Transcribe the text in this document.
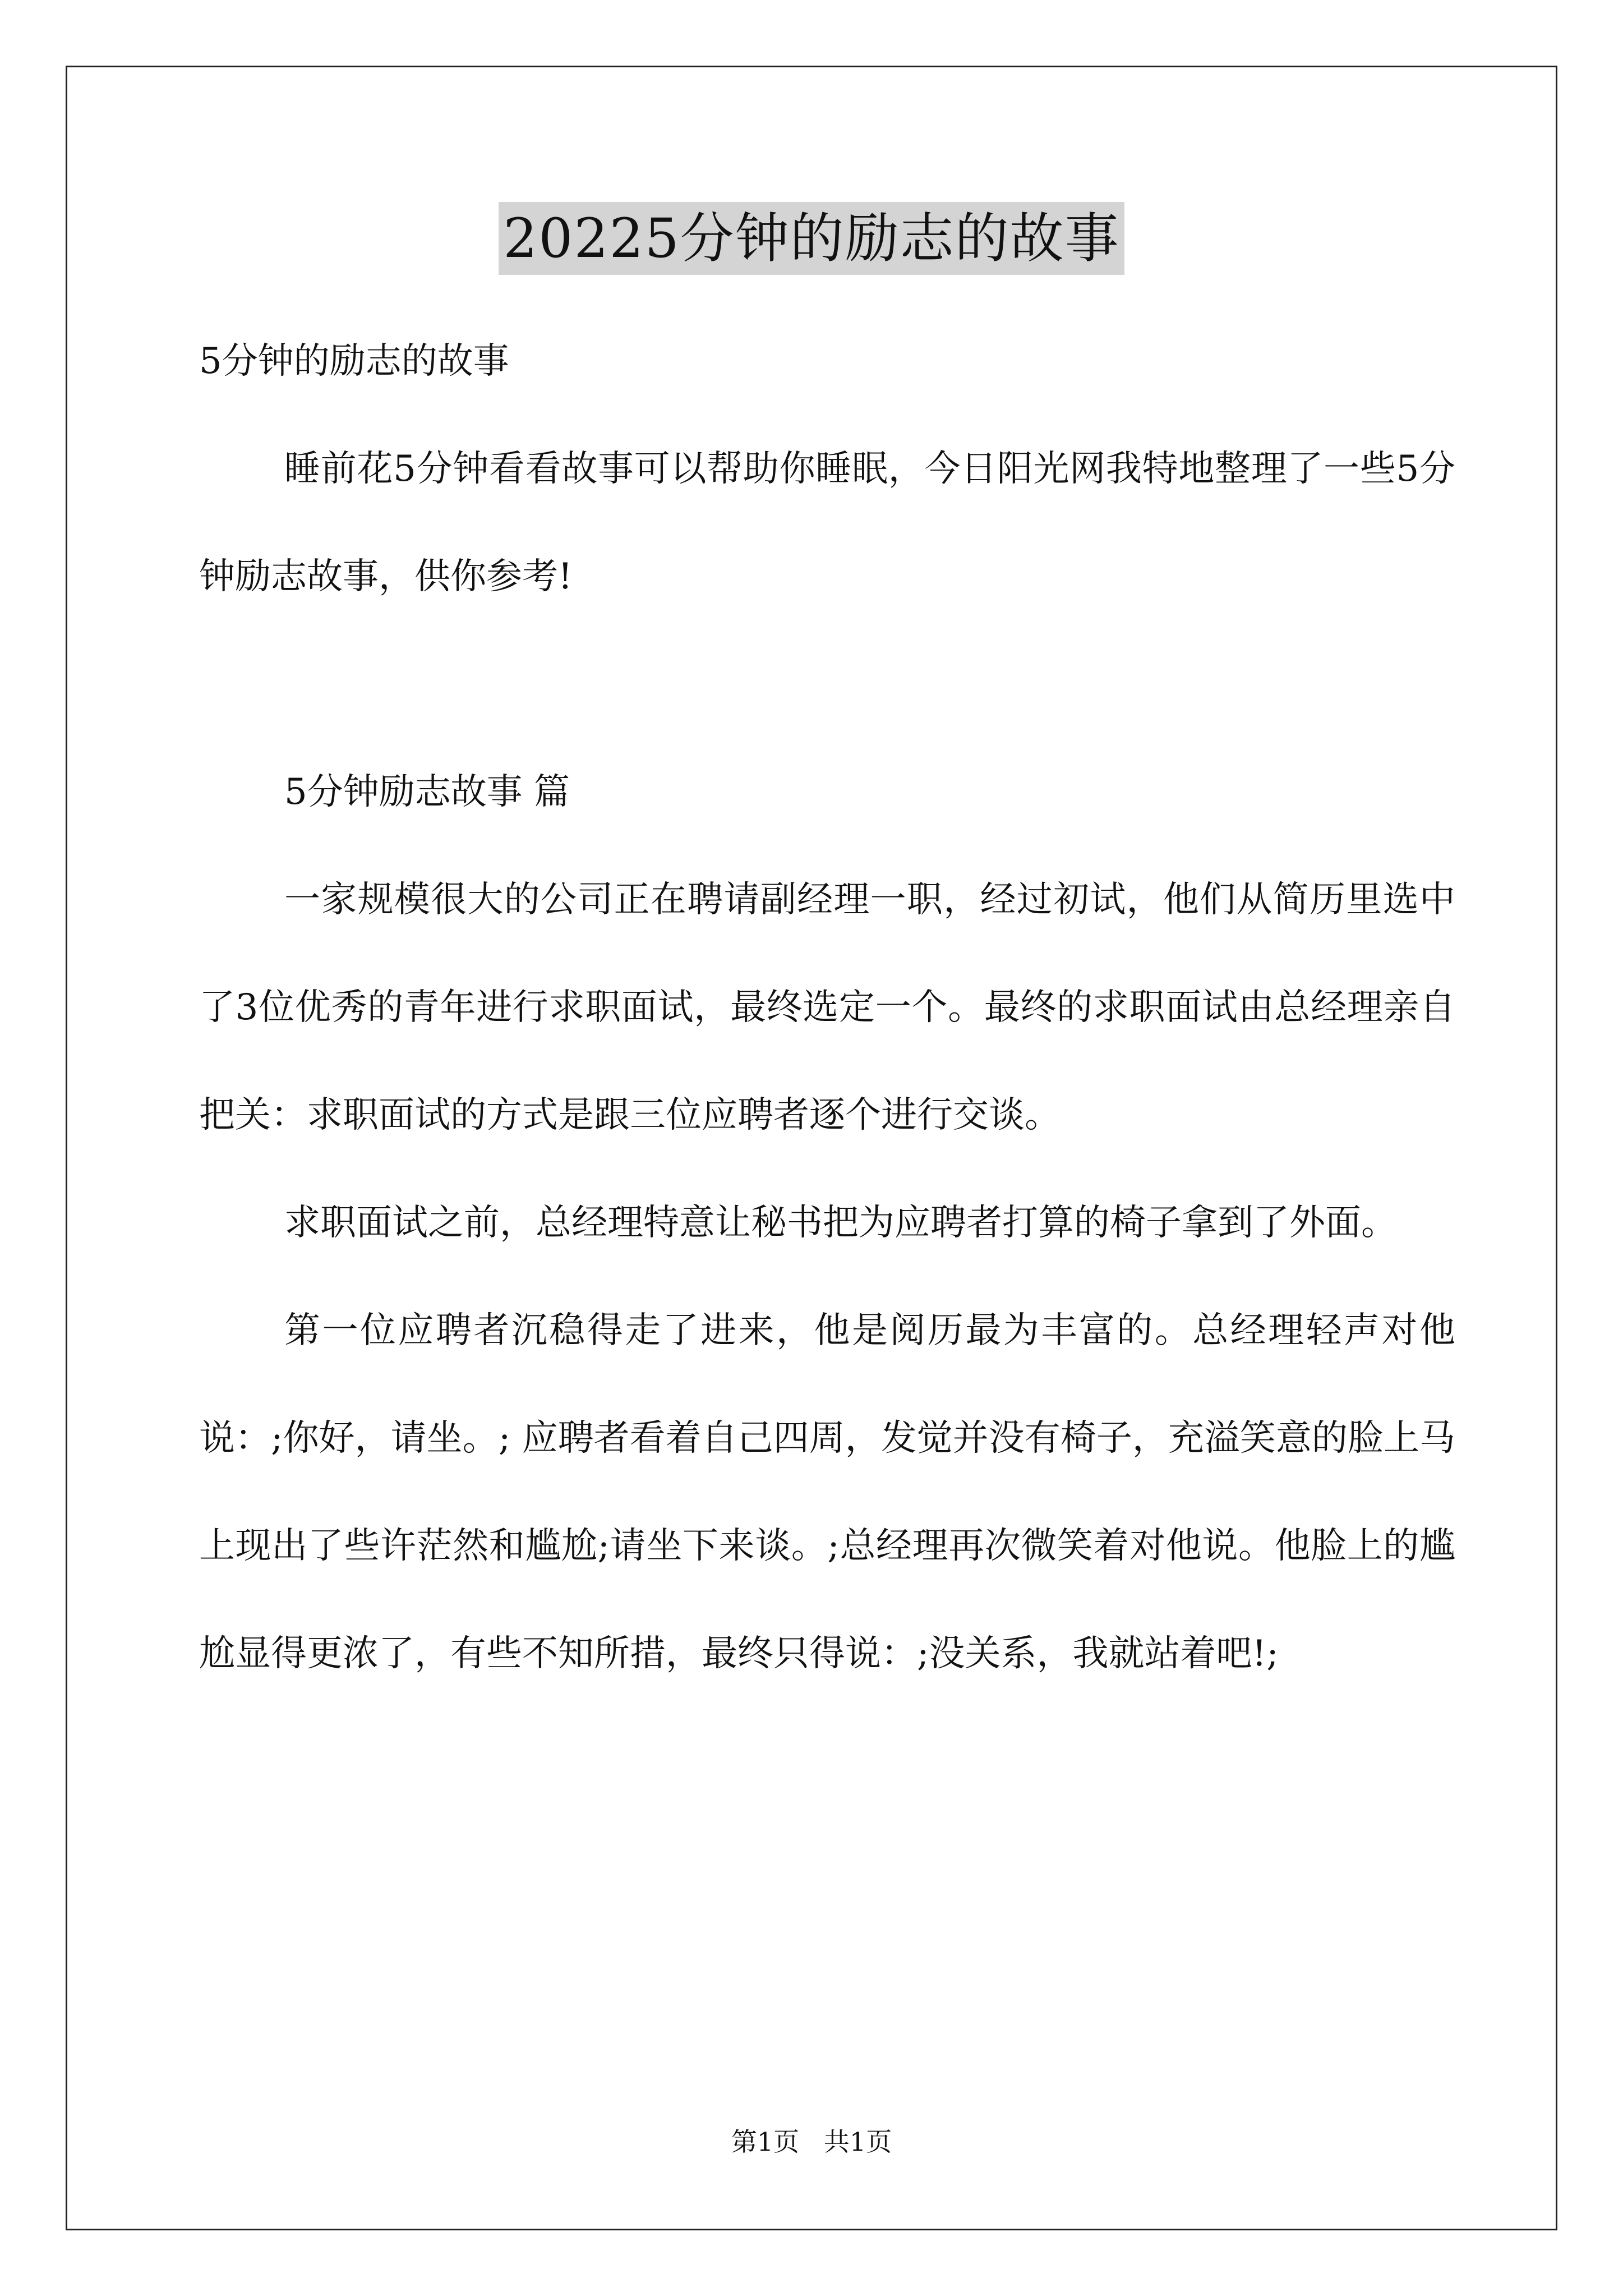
20225分钟的励志的故事

5分钟的励志的故事

睡前花5分钟看看故事可以帮助你睡眠，今日阳光网我特地整理了一些5分钟励志故事，供你参考!

5分钟励志故事 篇

一家规模很大的公司正在聘请副经理一职，经过初试，他们从简历里选中了3位优秀的青年进行求职面试，最终选定一个。最终的求职面试由总经理亲自把关：求职面试的方式是跟三位应聘者逐个进行交谈。

求职面试之前，总经理特意让秘书把为应聘者打算的椅子拿到了外面。

第一位应聘者沉稳得走了进来，他是阅历最为丰富的。总经理轻声对他说：;你好，请坐。; 应聘者看着自己四周，发觉并没有椅子，充溢笑意的脸上马上现出了些许茫然和尴尬;请坐下来谈。;总经理再次微笑着对他说。他脸上的尴尬显得更浓了，有些不知所措，最终只得说：;没关系，我就站着吧!;

第1页   共1页
